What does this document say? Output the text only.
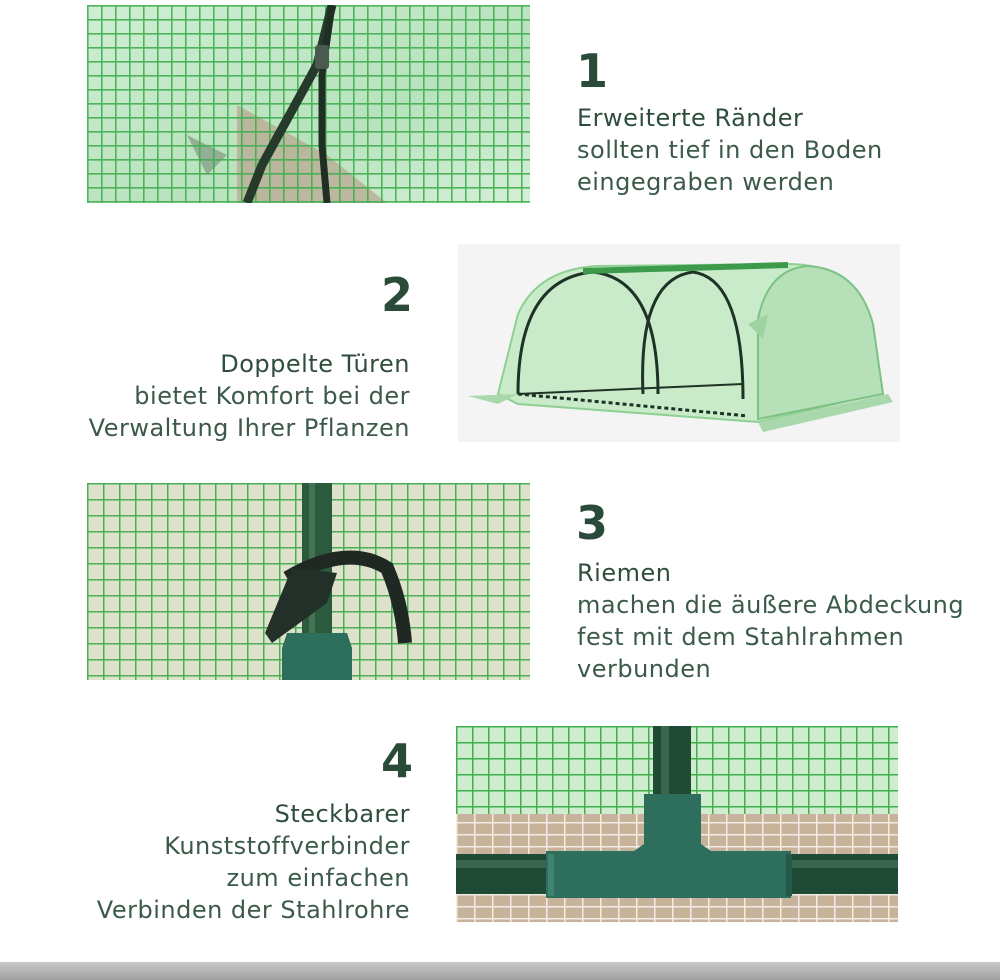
1
Erweiterte Ränder
sollten tief in den Boden
eingegraben werden
2
Doppelte Türen
bietet Komfort bei der
Verwaltung Ihrer Pflanzen
3
Riemen
machen die äußere Abdeckung
fest mit dem Stahlrahmen
verbunden
4
Steckbarer
Kunststoffverbinder
zum einfachen
Verbinden der Stahlrohre
